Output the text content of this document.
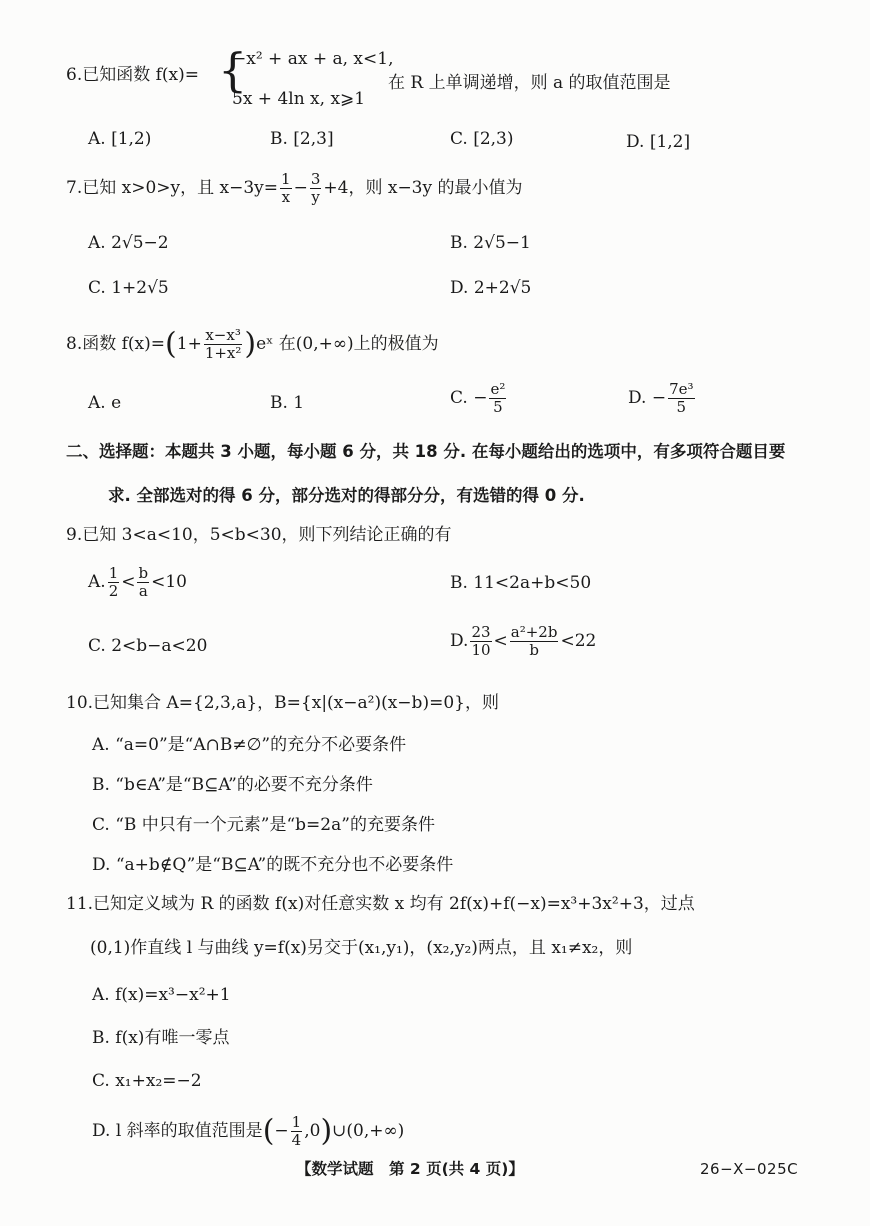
6.已知函数 f(x)= {
−x² + ax + a, x<1,
5x + 4ln x, x⩾1
在 R 上单调递增，则 a 的取值范围是
A. [1,2)	B. [2,3]	C. [2,3)	D. [1,2]
7.已知 x>0>y，且 $x-3y= \frac{1}{x} - \frac{3}{y} +4$，则 x−3y 的最小值为
A. 2√5−2	B. 2√5−1
C. 1+2√5	D. 2+2√5
8.函数 $f(x)=(1+ \frac{\text{x−x³}}{\text{1+x²}}$ )eˣ 在(0,+∞)上的极值为
A. e	B. 1	C. − $\frac{\text{e²}}{5}$	D. − $\frac{\text{7e³}}{5}$
二、选择题：本题共 3 小题，每小题 6 分，共 18 分. 在每小题给出的选项中，有多项符合题目要
求. 全部选对的得 6 分，部分选对的得部分分，有选错的得 0 分.
9.已知 3<a<10，5<b<30，则下列结论正确的有
A. $\frac{1}{2} < \frac{b}{a} <10$	B. 11<2a+b<50
C. 2<b−a<20	D. $\frac{23}{10} < \frac{\text{a²+2b}}{b} <22$
10.已知集合 A={2,3,a}，B={x|(x−a²)(x−b)=0}，则
A. “a=0”是“A∩B≠∅”的充分不必要条件
B. “b∈A”是“B⊆A”的必要不充分条件
C. “B 中只有一个元素”是“b=2a”的充要条件
D. “a+b∉Q”是“B⊆A”的既不充分也不必要条件
11.已知定义域为 R 的函数 f(x)对任意实数 x 均有 2f(x)+f(−x)=x³+3x²+3，过点
(0,1)作直线 l 与曲线 y=f(x)另交于(x₁,y₁)，(x₂,y₂)两点，且 x₁≠x₂，则
A. f(x)=x³−x²+1
B. f(x)有唯一零点
C. x₁+x₂=−2
D. l 斜率的取值范围是(− $\frac{1}{4}$ ,0)∪(0,+∞)
【数学试题　第 2 页(共 4 页)】	26−X−025C
